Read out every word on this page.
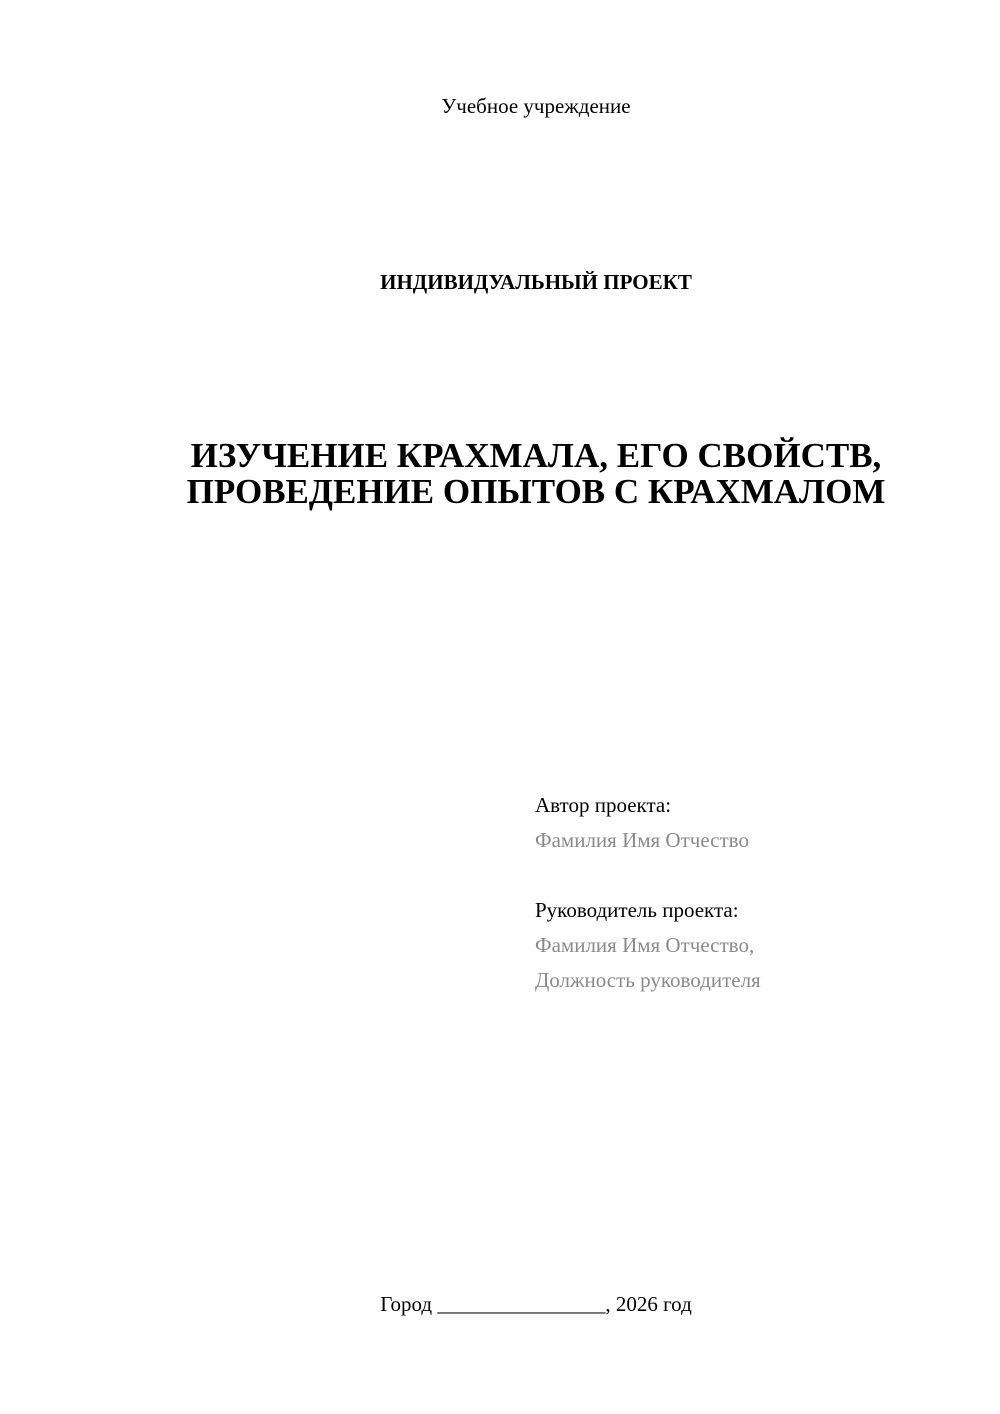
Учебное учреждение
ИНДИВИДУАЛЬНЫЙ ПРОЕКТ
ИЗУЧЕНИЕ КРАХМАЛА, ЕГО СВОЙСТВ,
ПРОВЕДЕНИЕ ОПЫТОВ С КРАХМАЛОМ
Автор проекта:
Фамилия Имя Отчество
Руководитель проекта:
Фамилия Имя Отчество,
Должность руководителя
Город ________________, 2026 год
